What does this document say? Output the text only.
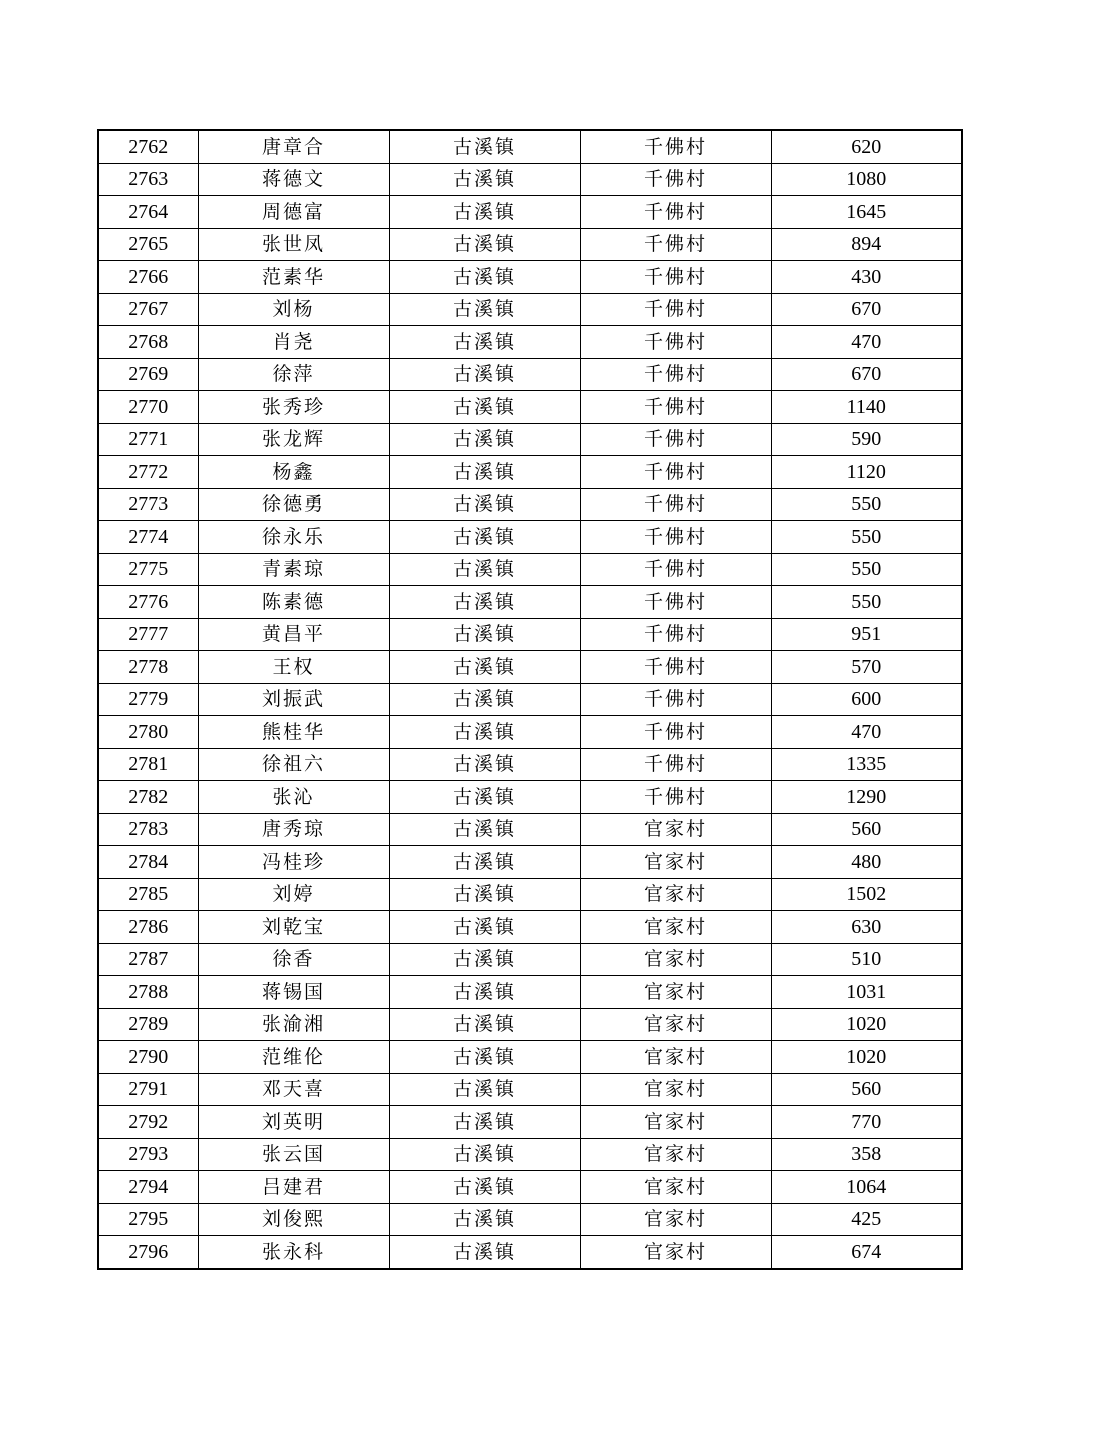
2762	唐章合	古溪镇	千佛村	620
2763	蒋德文	古溪镇	千佛村	1080
2764	周德富	古溪镇	千佛村	1645
2765	张世凤	古溪镇	千佛村	894
2766	范素华	古溪镇	千佛村	430
2767	刘杨	古溪镇	千佛村	670
2768	肖尧	古溪镇	千佛村	470
2769	徐萍	古溪镇	千佛村	670
2770	张秀珍	古溪镇	千佛村	1140
2771	张龙辉	古溪镇	千佛村	590
2772	杨鑫	古溪镇	千佛村	1120
2773	徐德勇	古溪镇	千佛村	550
2774	徐永乐	古溪镇	千佛村	550
2775	青素琼	古溪镇	千佛村	550
2776	陈素德	古溪镇	千佛村	550
2777	黄昌平	古溪镇	千佛村	951
2778	王权	古溪镇	千佛村	570
2779	刘振武	古溪镇	千佛村	600
2780	熊桂华	古溪镇	千佛村	470
2781	徐祖六	古溪镇	千佛村	1335
2782	张沁	古溪镇	千佛村	1290
2783	唐秀琼	古溪镇	官家村	560
2784	冯桂珍	古溪镇	官家村	480
2785	刘婷	古溪镇	官家村	1502
2786	刘乾宝	古溪镇	官家村	630
2787	徐香	古溪镇	官家村	510
2788	蒋锡国	古溪镇	官家村	1031
2789	张渝湘	古溪镇	官家村	1020
2790	范维伦	古溪镇	官家村	1020
2791	邓天喜	古溪镇	官家村	560
2792	刘英明	古溪镇	官家村	770
2793	张云国	古溪镇	官家村	358
2794	吕建君	古溪镇	官家村	1064
2795	刘俊熙	古溪镇	官家村	425
2796	张永科	古溪镇	官家村	674
